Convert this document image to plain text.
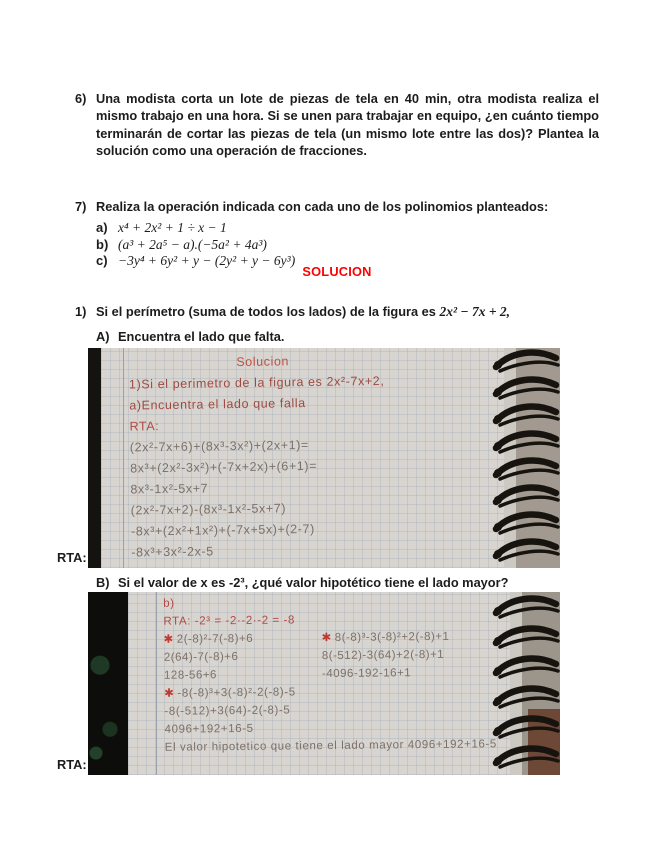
6) Una modista corta un lote de piezas de tela en 40 min, otra modista realiza el mismo trabajo en una hora. Si se unen para trabajar en equipo, ¿en cuánto tiempo terminarán de cortar las piezas de tela (un mismo lote entre las dos)? Plantea la solución como una operación de fracciones.
7) Realiza la operación indicada con cada uno de los polinomios planteados:
a) x⁴ + 2x² + 1 ÷ x − 1
b) (a³ + 2a⁵ − a).(−5a² + 4a³)
c) −3y⁴ + 6y² + y − (2y² + y − 6y³)
SOLUCION
1) Si el perímetro (suma de todos los lados) de la figura es 2x² − 7x + 2,
A) Encuentra el lado que falta.
Solucion
1)Si el perimetro de la figura es 2x²-7x+2,
a)Encuentra el lado que falla
RTA:
(2x²-7x+6)+(8x³-3x²)+(2x+1)=
8x³+(2x²-3x²)+(-7x+2x)+(6+1)=
8x³-1x²-5x+7
(2x²-7x+2)-(8x³-1x²-5x+7)
-8x³+(2x²+1x²)+(-7x+5x)+(2-7)
-8x³+3x²-2x-5
RTA:
B) Si el valor de x es -2³, ¿qué valor hipotético tiene el lado mayor?
b)
RTA: -2³ = -2·-2·-2 = -8
✱ 2(-8)²-7(-8)+6	✱ 8(-8)³-3(-8)²+2(-8)+1
2(64)-7(-8)+6	8(-512)-3(64)+2(-8)+1
128-56+6	-4096-192-16+1
✱ -8(-8)³+3(-8)²-2(-8)-5
-8(-512)+3(64)-2(-8)-5
4096+192+16-5
El valor hipotetico que tiene el lado mayor 4096+192+16-5
RTA:
